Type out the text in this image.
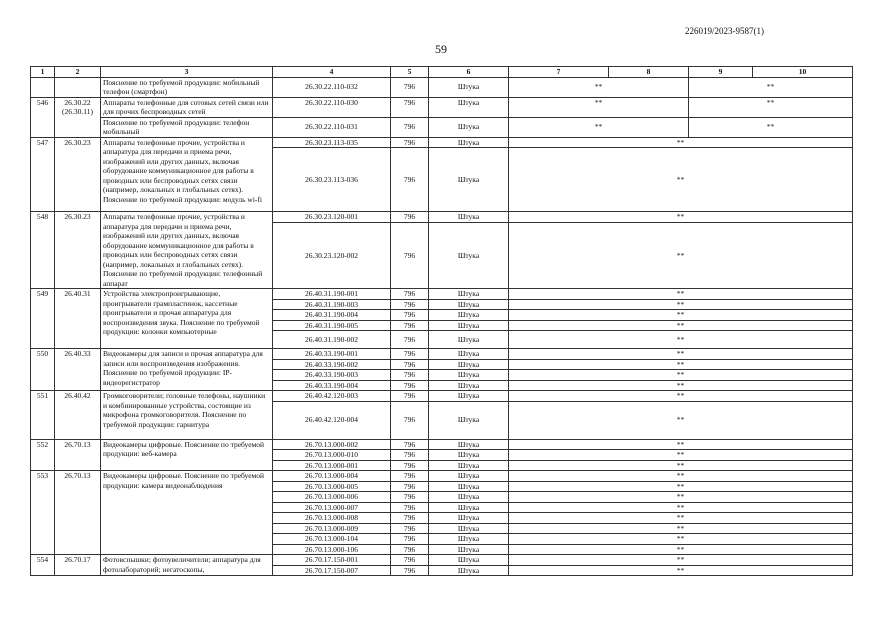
226019/2023-9587(1)
59
1	2	3	4	5	6	7	8	9	10
		Пояснение по требуемой продукции: мобильный телефон (смартфон)	26.30.22.110-032	796	Штука	**		**	
546	26.30.22 (26.30.11)	Аппараты телефонные для сотовых сетей связи или для прочих беспроводных сетей	26.30.22.110-030	796	Штука	**		**	
		Пояснение по требуемой продукции: телефон мобильный	26.30.22.110-031	796	Штука	**		**	
547	26.30.23	Аппараты телефонные прочие, устройства и аппаратура для передачи и приема речи, изображений или других данных, включая оборудование коммуникационное для работы в проводных или беспроводных сетях связи (например, локальных и глобальных сетях). Пояснение по требуемой продукции: модуль wi-fi	26.30.23.113-035	796	Штука	**			
			26.30.23.113-036	796	Штука	**			
548	26.30.23	Аппараты телефонные прочие, устройства и аппаратура для передачи и приема речи, изображений или других данных, включая оборудование коммуникационное для работы в проводных или беспроводных сетях связи (например, локальных и глобальных сетях). Пояснение по требуемой продукции: телефонный аппарат	26.30.23.120-001	796	Штука	**			
			26.30.23.120-002	796	Штука	**			
549	26.40.31	Устройства электропроигрывающие, проигрыватели грампластинок, кассетные проигрыватели и прочая аппаратура для воспроизведения звука. Пояснение по требуемой продукции: колонки компьютерные	26.40.31.190-001	796	Штука	**			
			26.40.31.190-003	796	Штука	**			
			26.40.31.190-004	796	Штука	**			
			26.40.31.190-005	796	Штука	**			
			26.40.31.190-002	796	Штука	**			
550	26.40.33	Видеокамеры для записи и прочая аппаратура для записи или воспроизведения изображения. Пояснение по требуемой продукции: IP-видеорегистратор	26.40.33.190-001	796	Штука	**			
			26.40.33.190-002	796	Штука	**			
			26.40.33.190-003	796	Штука	**			
			26.40.33.190-004	796	Штука	**			
551	26.40.42	Громкоговорители; головные телефоны, наушники и комбинированные устройства, состоящие из микрофона громкоговорителя. Пояснение по требуемой продукции: гарнитура	26.40.42.120-003	796	Штука	**			
			26.40.42.120-004	796	Штука	**			
552	26.70.13	Видеокамеры цифровые. Пояснение по требуемой продукции: веб-камера	26.70.13.000-002	796	Штука	**			
			26.70.13.000-010	796	Штука	**			
			26.70.13.000-001	796	Штука	**			
553	26.70.13	Видеокамеры цифровые. Пояснение по требуемой продукции: камера видеонаблюдения	26.70.13.000-004	796	Штука	**			
			26.70.13.000-005	796	Штука	**			
			26.70.13.000-006	796	Штука	**			
			26.70.13.000-007	796	Штука	**			
			26.70.13.000-008	796	Штука	**			
			26.70.13.000-009	796	Штука	**			
			26.70.13.000-104	796	Штука	**			
			26.70.13.000-106	796	Штука	**			
554	26.70.17	Фотовспышки; фотоувеличители; аппаратура для фотолабораторий; негатоскопы,	26.70.17.150-001	796	Штука	**			
			26.70.17.150-007	796	Штука	**			
